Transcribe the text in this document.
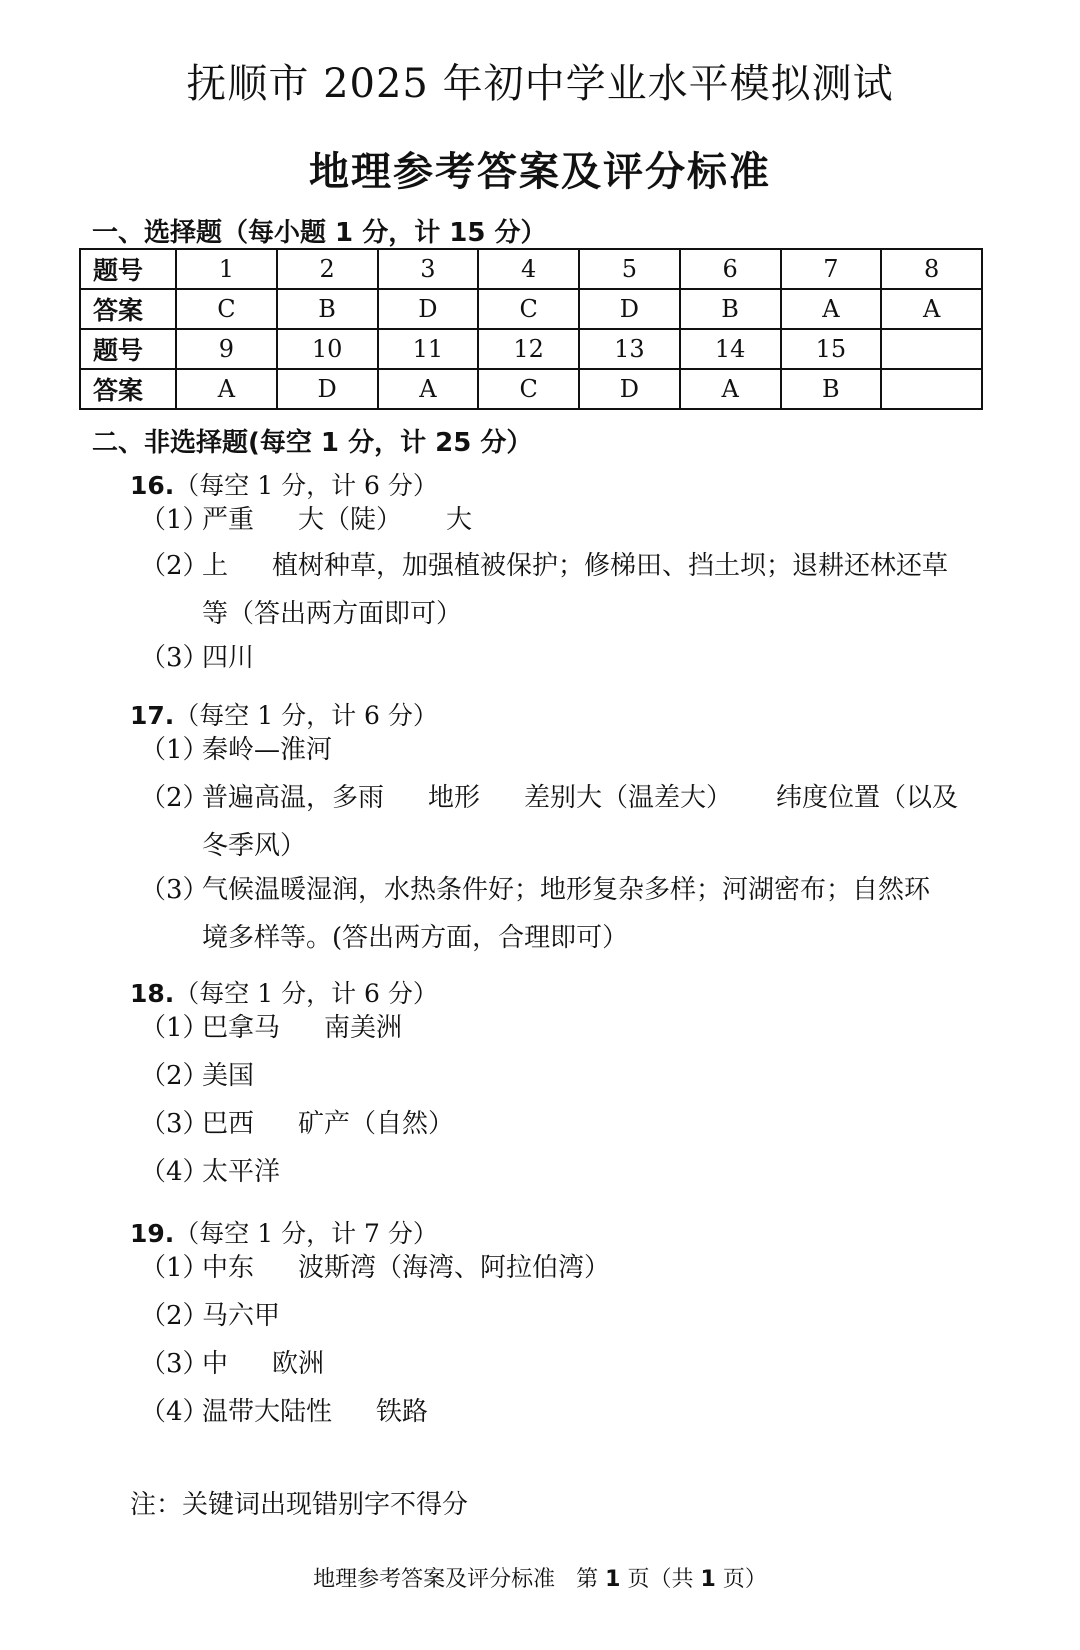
抚顺市 2025 年初中学业水平模拟测试
地理参考答案及评分标准
一、选择题（每小题 1 分，计 15 分）
题号	1	2	3	4	5	6	7	8
答案	C	B	D	C	D	B	A	A
题号	9	10	11	12	13	14	15	
答案	A	D	A	C	D	A	B	
二、非选择题(每空 1 分，计 25 分）
16.（每空 1 分，计 6 分）
（1）严重 大（陡） 大
（2）上 植树种草，加强植被保护；修梯田、挡土坝；退耕还林还草
等（答出两方面即可）
（3）四川
17.（每空 1 分，计 6 分）
（1）秦岭—淮河
（2）普遍高温，多雨 地形 差别大（温差大） 纬度位置（以及
冬季风）
（3）气候温暖湿润，水热条件好；地形复杂多样；河湖密布；自然环
境多样等。(答出两方面，合理即可）
18.（每空 1 分，计 6 分）
（1）巴拿马 南美洲
（2）美国
（3）巴西 矿产（自然）
（4）太平洋
19.（每空 1 分，计 7 分）
（1）中东 波斯湾（海湾、阿拉伯湾）
（2）马六甲
（3）中 欧洲
（4）温带大陆性 铁路
注：关键词出现错别字不得分
地理参考答案及评分标准 第 1 页（共 1 页）
